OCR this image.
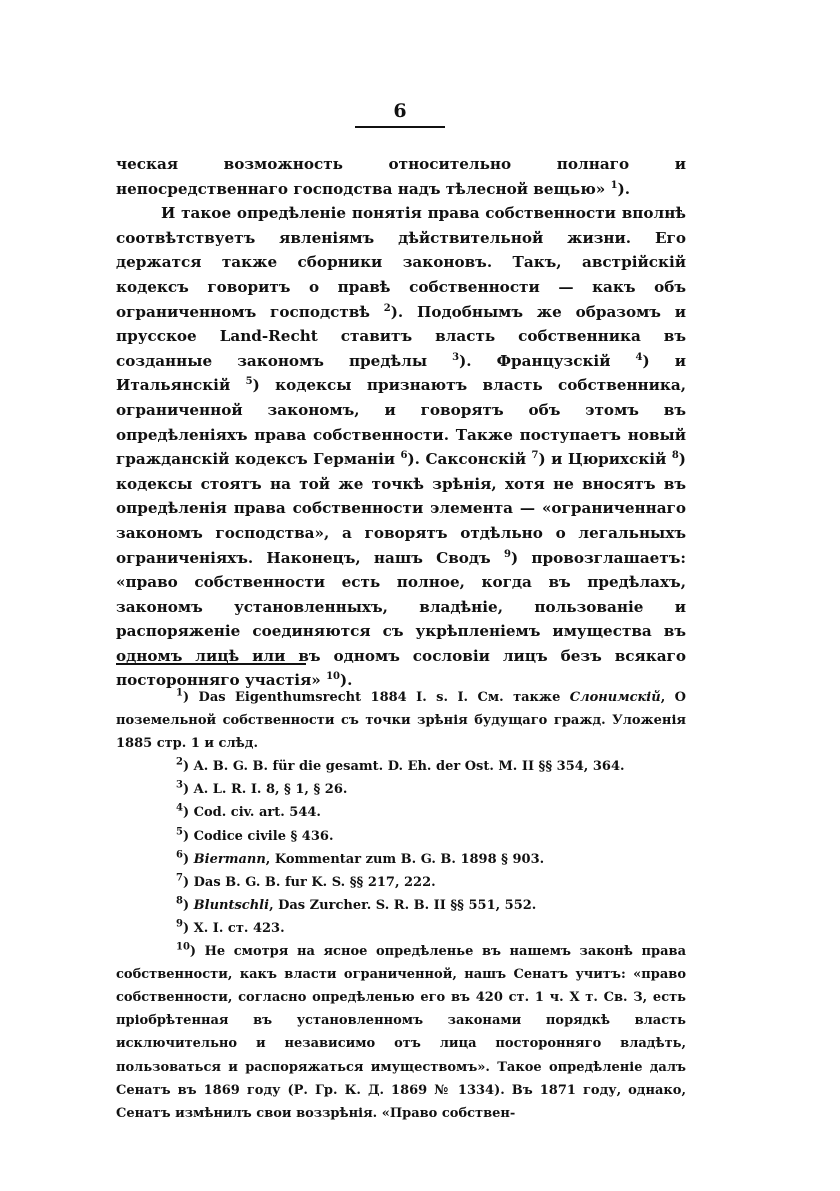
6

ческая возможность относительно полнаго и непосредственнаго господства надъ тѣлесной вещью» $^1$).

И такое опредѣленіе понятія права собственности вполнѣ соотвѣтствуетъ явленіямъ дѣйствительной жизни. Его держатся также сборники законовъ. Такъ, австрійскій кодексъ говоритъ о правѣ собственности — какъ объ ограниченномъ господствѣ $^2$). Подобнымъ же образомъ и прусское Land-Recht ставитъ власть собственника въ созданные закономъ предѣлы	$^3$). Французскій	$^4$) и Итальянскій $^5$) кодексы признаютъ власть собственника, ограниченной закономъ, и говорятъ объ этомъ въ опредѣленіяхъ права собственности. Также поступаетъ новый гражданскій кодексъ Германіи $^6$). Саксонскій $^7$) и Цюрихскій $^8$) кодексы стоятъ на той же точкѣ зрѣнія, хотя не вносятъ въ опредѣленія права собственности элемента — «ограниченнаго закономъ господства», а говорятъ отдѣльно о легальныхъ ограниченіяхъ. Наконецъ, нашъ Сводъ $^9$) провозглашаетъ: «право собственности есть полное, когда въ предѣлахъ, закономъ установленныхъ, владѣніе, пользованіе и распоряженіе соединяются съ укрѣпленіемъ имущества въ одномъ лицѣ или въ одномъ сословіи лицъ безъ всякаго посторонняго участія» $^{10}$).

$^1$) Das Eigenthumsrecht 1884 I. s. I. См. также Слонимскій, О поземельной собственности съ точки зрѣнія будущаго гражд. Уложенія 1885 стр. 1 и слѣд.

$^2$) A. B. G. B. für die gesamt. D. Eh. der Ost. M. II §§ 354, 364.

$^3$) A. L. R. I. 8, § 1, § 26.

$^4$) Cod. civ. art. 544.

$^5$) Codice civile § 436.

$^6$) Biermann, Kommentar zum B. G. B. 1898 § 903.

$^7$) Das B. G. B. fur K. S. §§ 217, 222.

$^8$) Bluntschli, Das Zurcher. S. R. B. II §§ 551, 552.

$^9$) X. I. ст. 423.

$^{10}$) Не смотря на ясное опредѣленье въ нашемъ законѣ права собственности, какъ власти ограниченной, нашъ Сенатъ учитъ: «право собственности, согласно опредѣленью его въ 420 ст. 1 ч. X т. Св. З, есть пріобрѣтенная въ установленномъ законами порядкѣ власть исключительно и независимо отъ лица посторонняго владѣть, пользоваться и распоряжаться имуществомъ». Такое опредѣленіе далъ Сенатъ въ 1869 году (Р. Гр. К. Д. 1869 № 1334). Въ 1871 году, однако, Сенатъ измѣнилъ свои воззрѣнія. «Право собствен-
